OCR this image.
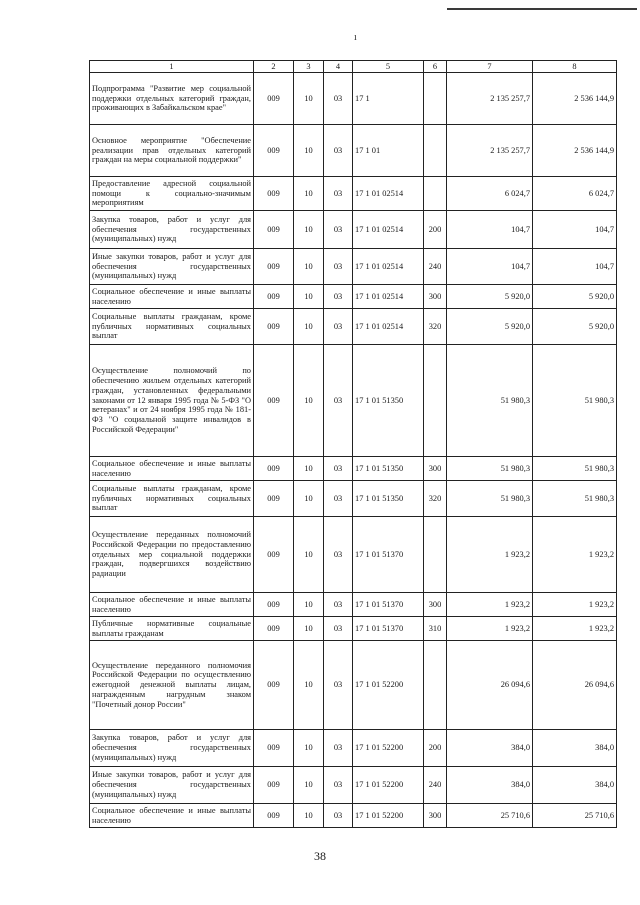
ı
1	2	3	4	5	6	7	8
Подпрограмма "Развитие мер социальной поддержки отдельных категорий граждан, проживающих в Забайкальском крае"	009	10	03	17 1		2 135 257,7	2 536 144,9
Основное мероприятие "Обеспечение реализации прав отдельных категорий граждан на меры социальной поддержки"	009	10	03	17 1 01		2 135 257,7	2 536 144,9
Предоставление адресной социальной помощи к социально-значимым мероприятиям	009	10	03	17 1 01 02514		6 024,7	6 024,7
Закупка товаров, работ и услуг для обеспечения государственных (муниципальных) нужд	009	10	03	17 1 01 02514	200	104,7	104,7
Иные закупки товаров, работ и услуг для обеспечения государственных (муниципальных) нужд	009	10	03	17 1 01 02514	240	104,7	104,7
Социальное обеспечение и иные выплаты населению	009	10	03	17 1 01 02514	300	5 920,0	5 920,0
Социальные выплаты гражданам, кроме публичных нормативных социальных выплат	009	10	03	17 1 01 02514	320	5 920,0	5 920,0
Осуществление полномочий по обеспечению жильем отдельных категорий граждан, установленных федеральными законами от 12 января 1995 года № 5-ФЗ "О ветеранах" и от 24 ноября 1995 года № 181-ФЗ "О социальной защите инвалидов в Российской Федерации"	009	10	03	17 1 01 51350		51 980,3	51 980,3
Социальное обеспечение и иные выплаты населению	009	10	03	17 1 01 51350	300	51 980,3	51 980,3
Социальные выплаты гражданам, кроме публичных нормативных социальных выплат	009	10	03	17 1 01 51350	320	51 980,3	51 980,3
Осуществление переданных полномочий Российской Федерации по предоставлению отдельных мер социальной поддержки граждан, подвергшихся воздействию радиации	009	10	03	17 1 01 51370		1 923,2	1 923,2
Социальное обеспечение и иные выплаты населению	009	10	03	17 1 01 51370	300	1 923,2	1 923,2
Публичные нормативные социальные выплаты гражданам	009	10	03	17 1 01 51370	310	1 923,2	1 923,2
Осуществление переданного полномочия Российской Федерации по осуществлению ежегодной денежной выплаты лицам, награжденным нагрудным знаком "Почетный донор России"	009	10	03	17 1 01 52200		26 094,6	26 094,6
Закупка товаров, работ и услуг для обеспечения государственных (муниципальных) нужд	009	10	03	17 1 01 52200	200	384,0	384,0
Иные закупки товаров, работ и услуг для обеспечения государственных (муниципальных) нужд	009	10	03	17 1 01 52200	240	384,0	384,0
Социальное обеспечение и иные выплаты населению	009	10	03	17 1 01 52200	300	25 710,6	25 710,6
38
